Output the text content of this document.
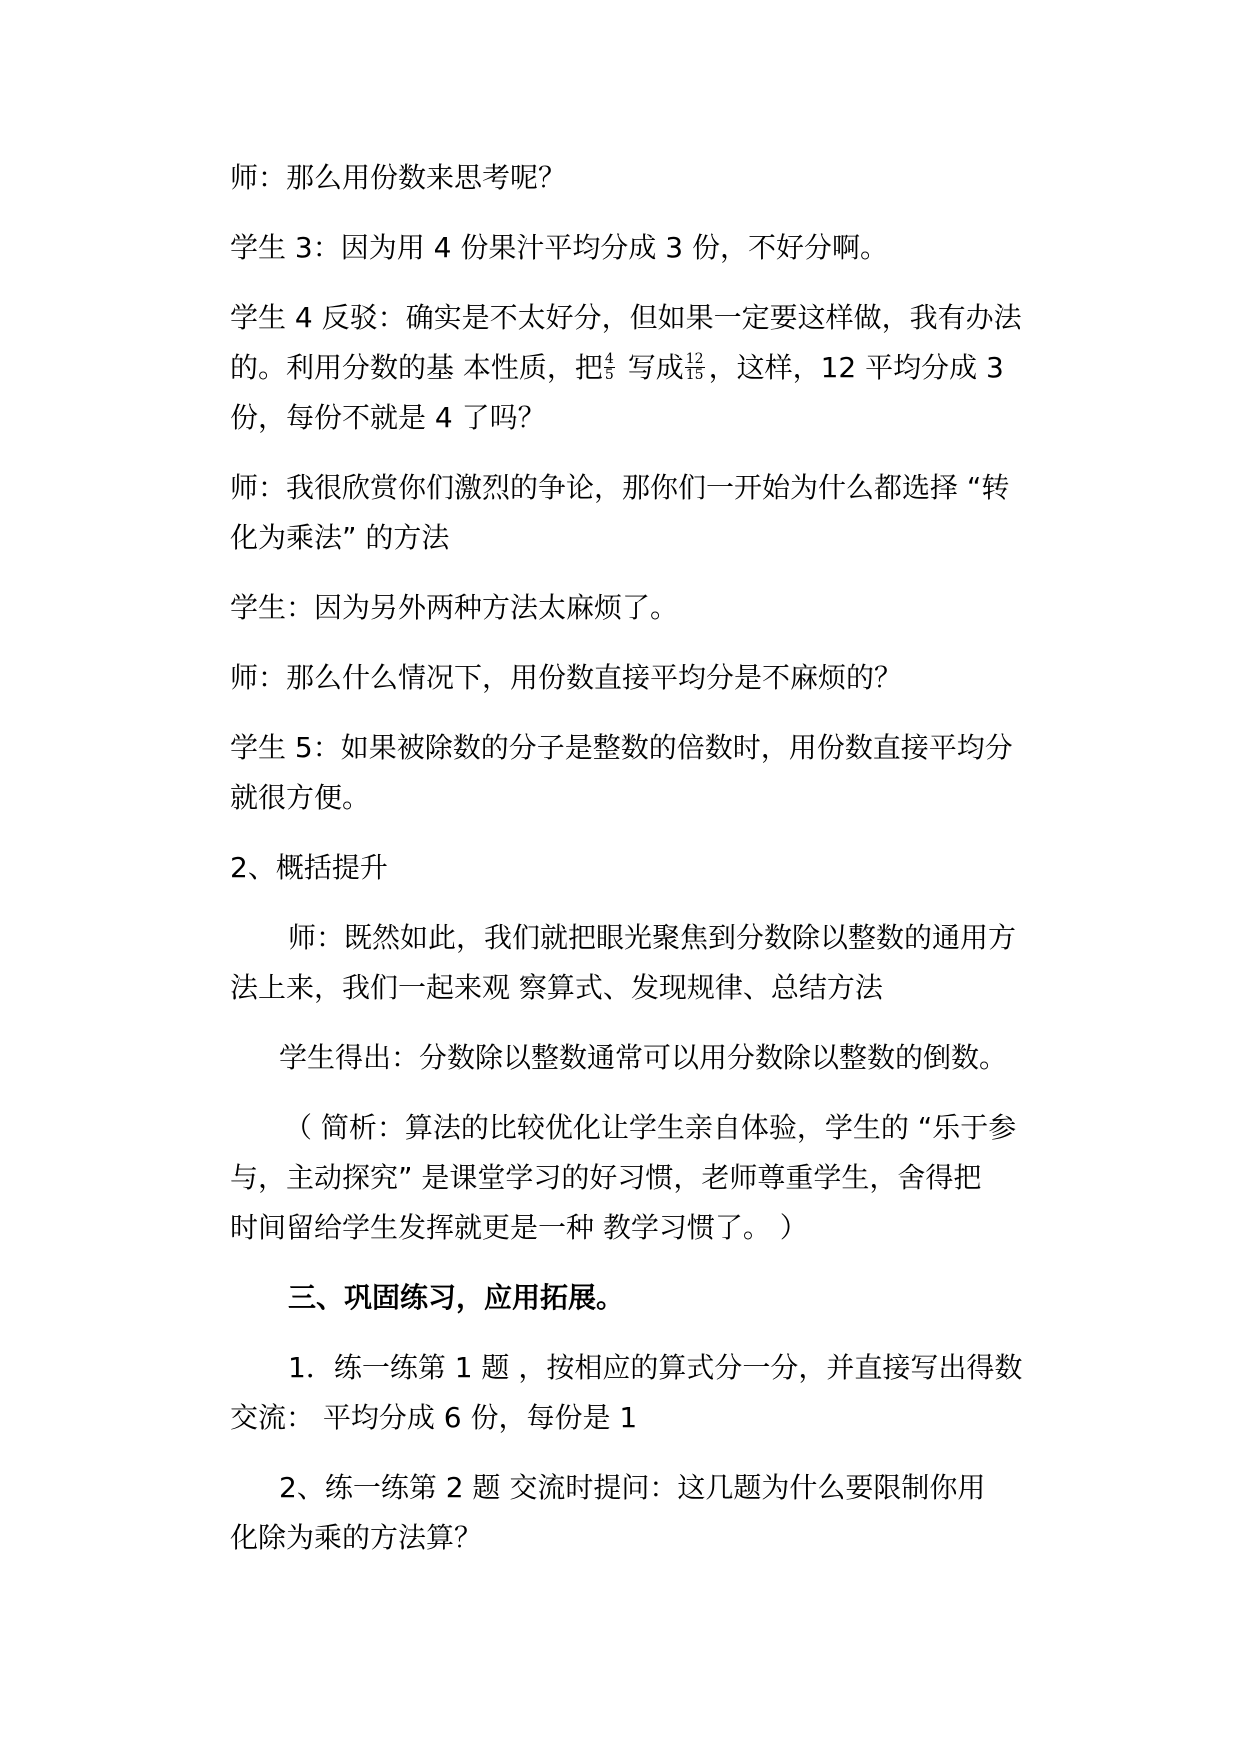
师：那么用份数来思考呢？
学生 3：因为用 4 份果汁平均分成 3 份，不好分啊。
学生 4 反驳：确实是不太好分，但如果一定要这样做，我有办法
的。利用分数的基 本性质，把 $\frac{4}{5}$ 写成 $\frac{12}{15}$ ，这样，12 平均分成 3
份，每份不就是 4 了吗？
师：我很欣赏你们激烈的争论，那你们一开始为什么都选择 “转
化为乘法” 的方法
学生：因为另外两种方法太麻烦了。
师：那么什么情况下，用份数直接平均分是不麻烦的？
学生 5：如果被除数的分子是整数的倍数时，用份数直接平均分
就很方便。
2、概括提升
师：既然如此，我们就把眼光聚焦到分数除以整数的通用方
法上来，我们一起来观 察算式、发现规律、总结方法
学生得出：分数除以整数通常可以用分数除以整数的倒数。
（ 简析：算法的比较优化让学生亲自体验，学生的 “乐于参
与，主动探究” 是课堂学习的好习惯，老师尊重学生，舍得把
时间留给学生发挥就更是一种 教学习惯了。 ）
三、巩固练习，应用拓展。
1．练一练第 1 题 ，按相应的算式分一分，并直接写出得数
交流： 平均分成 6 份，每份是 1
2、练一练第 2 题 交流时提问：这几题为什么要限制你用
化除为乘的方法算？
